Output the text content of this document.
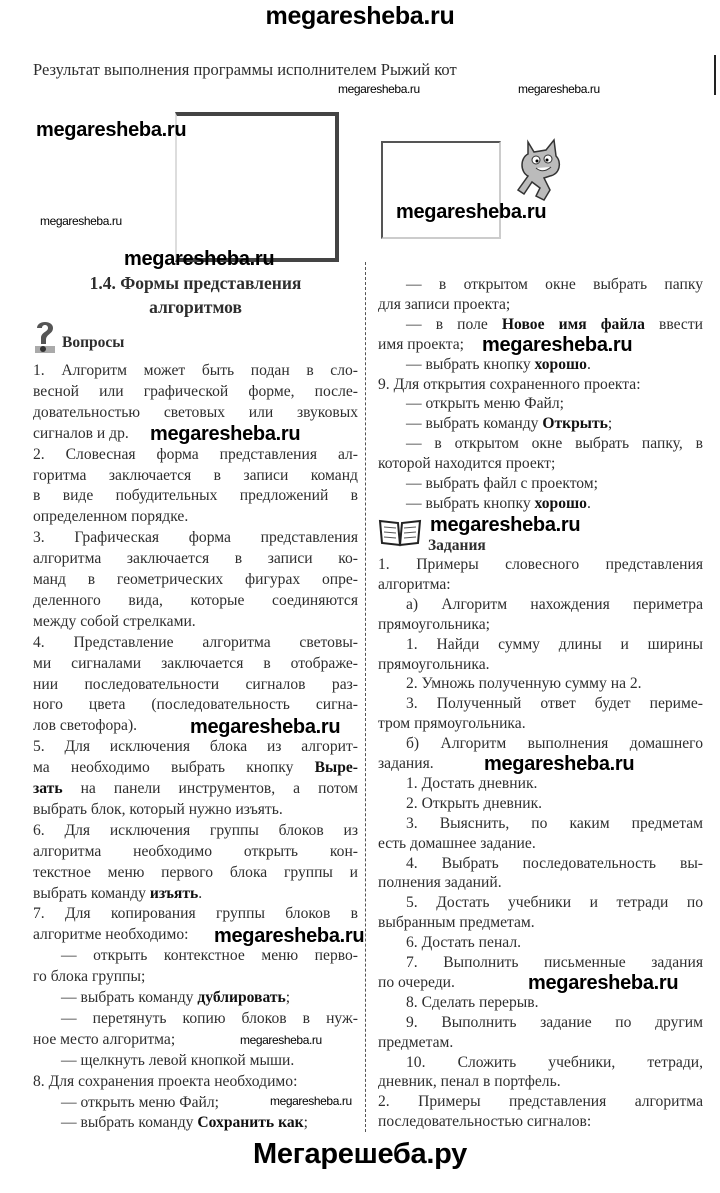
megaresheba.ru
Результат выполнения программы исполнителем Рыжий кот
1.4. Формы представления
алгоритмов
Вопросы
1. Алгоритм может быть подан в сло-
весной или графической форме, после-
довательностью световых или звуковых
сигналов и др.
2. Словесная форма представления ал-
горитма заключается в записи команд
в виде побудительных предложений в
определенном порядке.
3. Графическая форма представления
алгоритма заключается в записи ко-
манд в геометрических фигурах опре-
деленного вида, которые соединяются
между собой стрелками.
4. Представление алгоритма световы-
ми сигналами заключается в отображе-
нии последовательности сигналов раз-
ного цвета (последовательность сигна-
лов светофора).
5. Для исключения блока из алгорит-
ма необходимо выбрать кнопку Выре-
зать на панели инструментов, а потом
выбрать блок, который нужно изъять.
6. Для исключения группы блоков из
алгоритма необходимо открыть кон-
текстное меню первого блока группы и
выбрать команду изъять.
7. Для копирования группы блоков в
алгоритме необходимо:
— открыть контекстное меню перво-
го блока группы;
— выбрать команду дублировать;
— перетянуть копию блоков в нуж-
ное место алгоритма;
— щелкнуть левой кнопкой мыши.
8. Для сохранения проекта необходимо:
— открыть меню Файл;
— выбрать команду Сохранить как;
— в открытом окне выбрать папку
для записи проекта;
— в поле Новое имя файла ввести
имя проекта;
— выбрать кнопку хорошо.
9. Для открытия сохраненного проекта:
— открыть меню Файл;
— выбрать команду Открыть;
— в открытом окне выбрать папку, в
которой находится проект;
— выбрать файл с проектом;
— выбрать кнопку хорошо.
Задания
1. Примеры словесного представления
алгоритма:
а) Алгоритм нахождения периметра
прямоугольника;
1. Найди сумму длины и ширины
прямоугольника.
2. Умножь полученную сумму на 2.
3. Полученный ответ будет периме-
тром прямоугольника.
б) Алгоритм выполнения домашнего
задания.
1. Достать дневник.
2. Открыть дневник.
3. Выяснить, по каким предметам
есть домашнее задание.
4. Выбрать последовательность вы-
полнения заданий.
5. Достать учебники и тетради по
выбранным предметам.
6. Достать пенал.
7. Выполнить письменные задания
по очереди.
8. Сделать перерыв.
9. Выполнить задание по другим
предметам.
10. Сложить учебники, тетради,
дневник, пенал в портфель.
2. Примеры представления алгоритма
последовательностью сигналов:
megaresheba.ru	megaresheba.ru
megaresheba.ru
megaresheba.ru
megaresheba.ru
megaresheba.ru
megaresheba.ru
megaresheba.ru
megaresheba.ru
megaresheba.ru
megaresheba.ru
megaresheba.ru
megaresheba.ru
megaresheba.ru
megaresheba.ru
Мегарешеба.ру
